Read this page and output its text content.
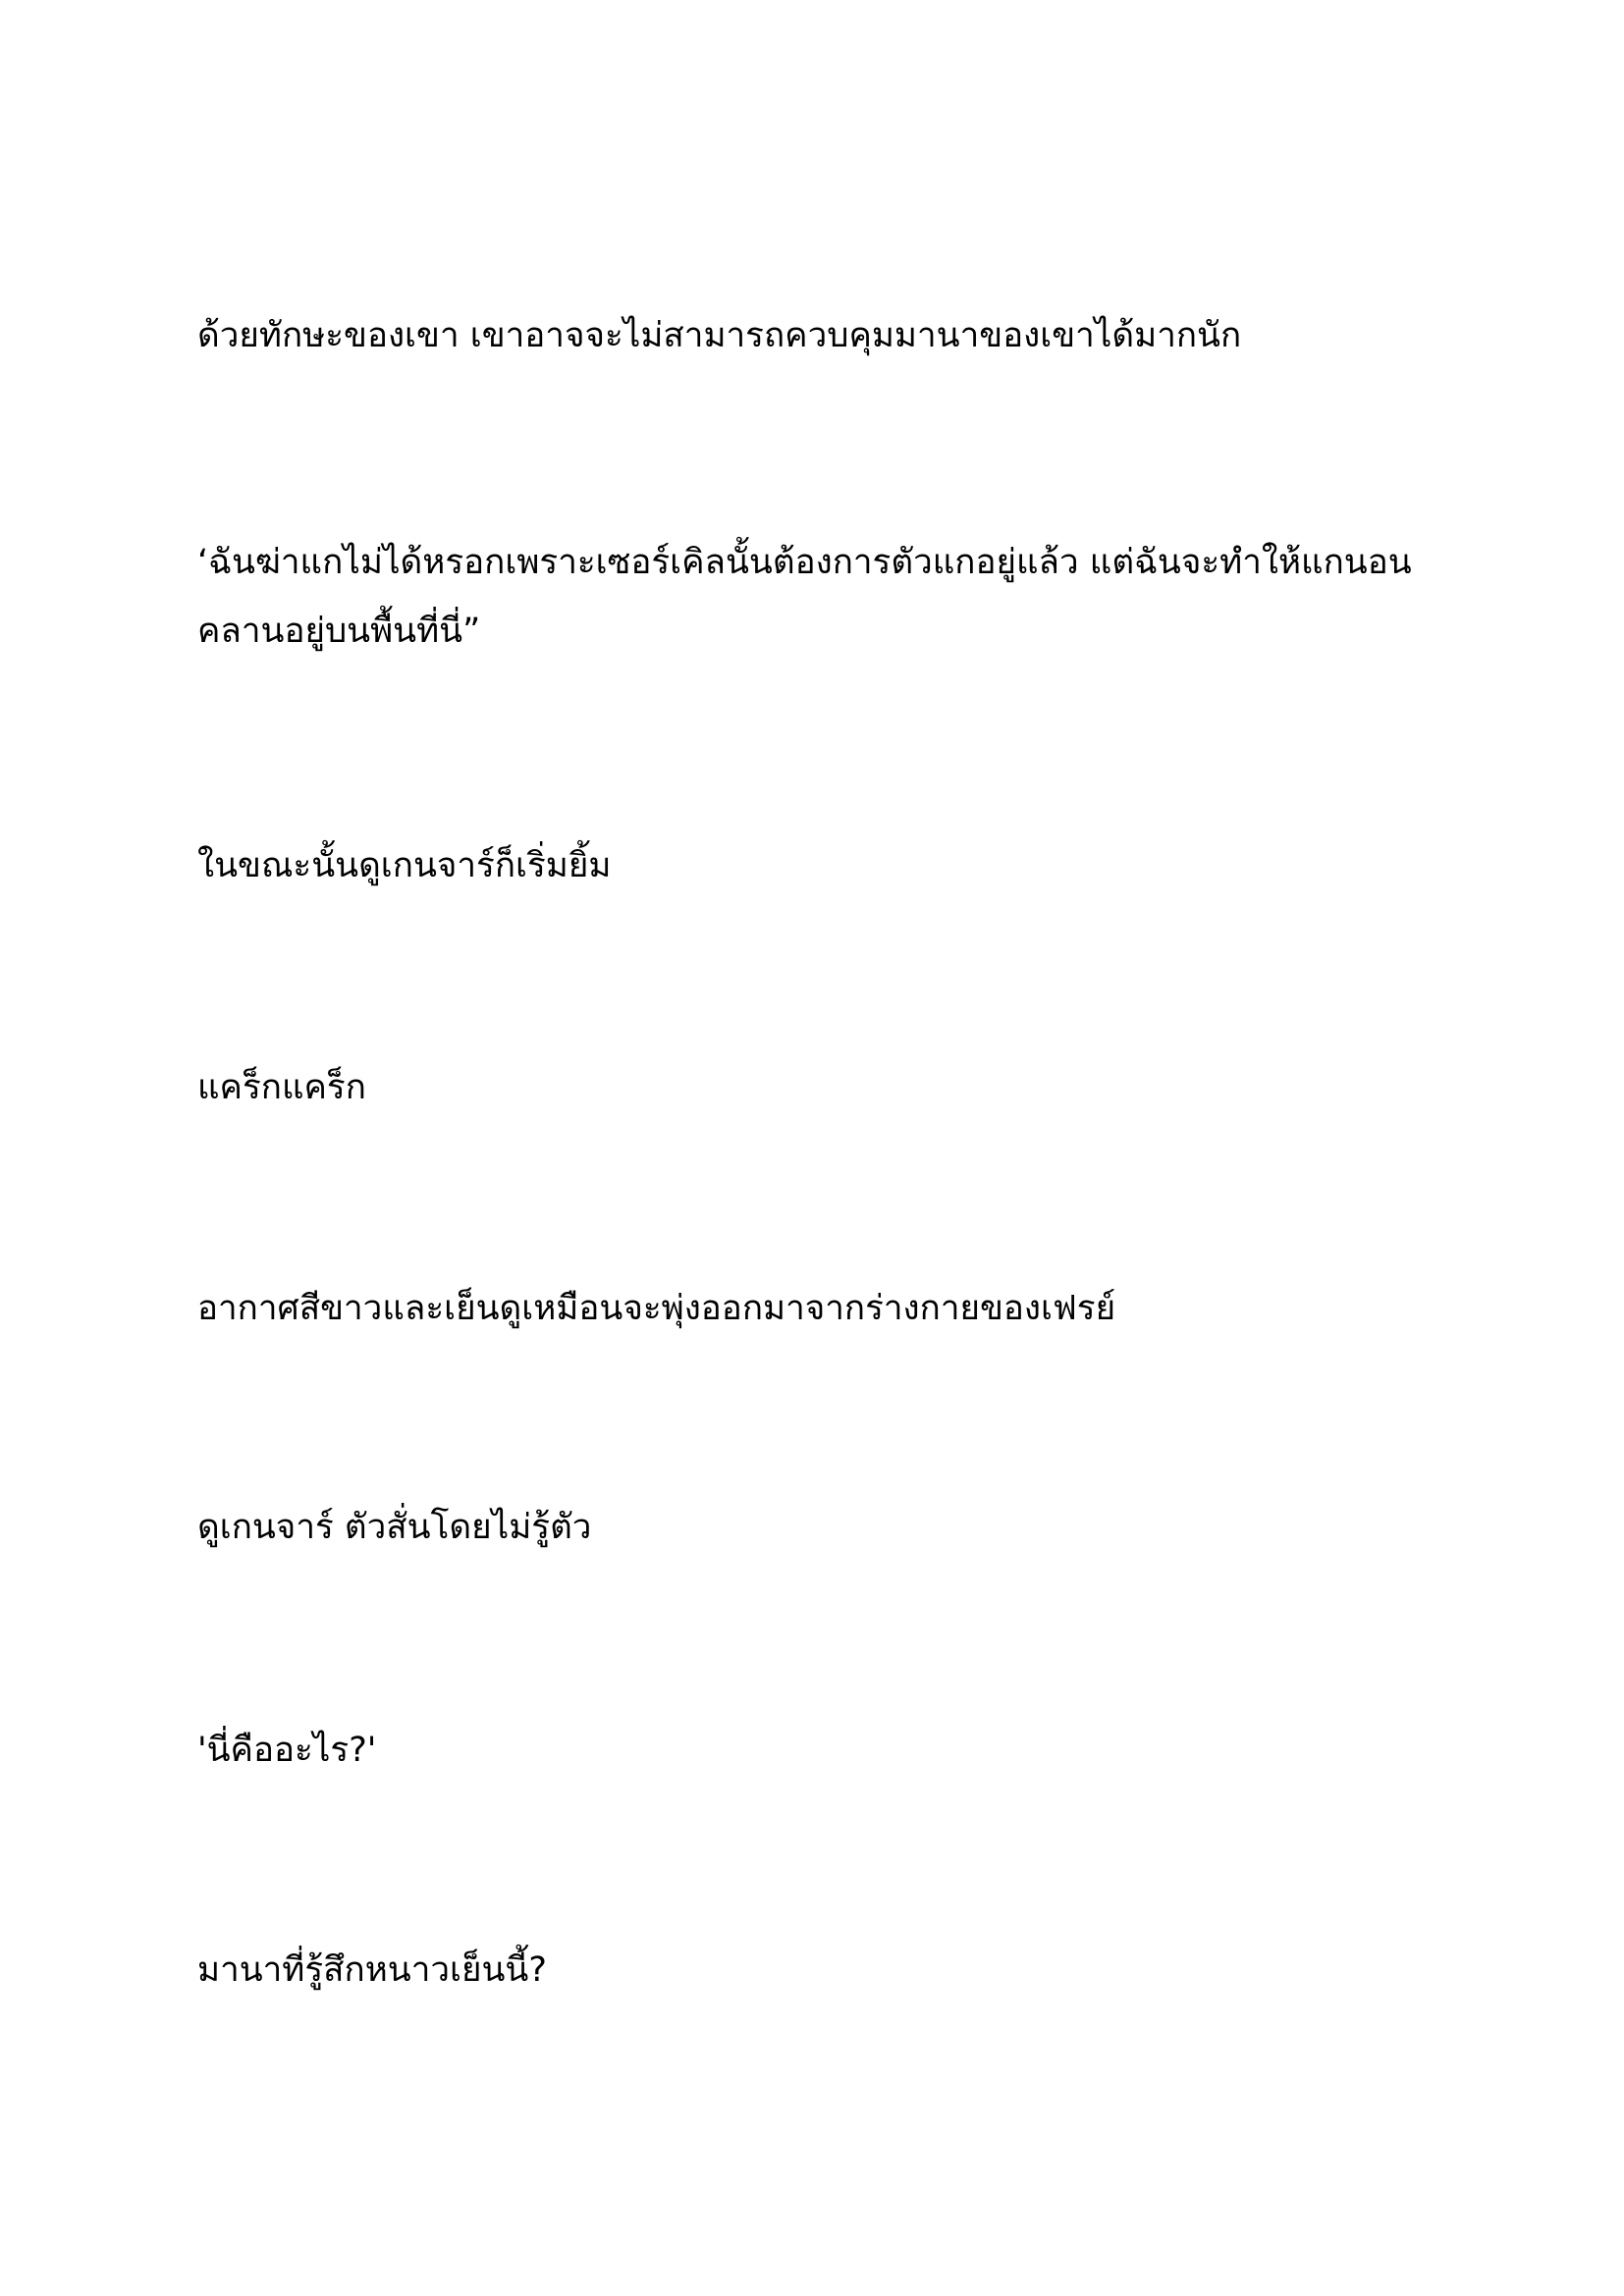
ด้วยทักษะของเขา เขาอาจจะไม่สามารถควบคุมมานาของเขาได้มากนัก

‘ฉันฆ่าแกไม่ได้หรอกเพราะเซอร์เคิลนั้นต้องการตัวแกอยู่แล้ว แต่ฉันจะทำให้แกนอนคลานอยู่บนพื้นที่นี่”

ในขณะนั้นดูเกนจาร์ก็เริ่มยิ้ม

แคร็กแคร็ก

อากาศสีขาวและเย็นดูเหมือนจะพุ่งออกมาจากร่างกายของเฟรย์

ดูเกนจาร์ ตัวสั่นโดยไม่รู้ตัว

'นี่คืออะไร?'

มานาที่รู้สึกหนาวเย็นนี้?
